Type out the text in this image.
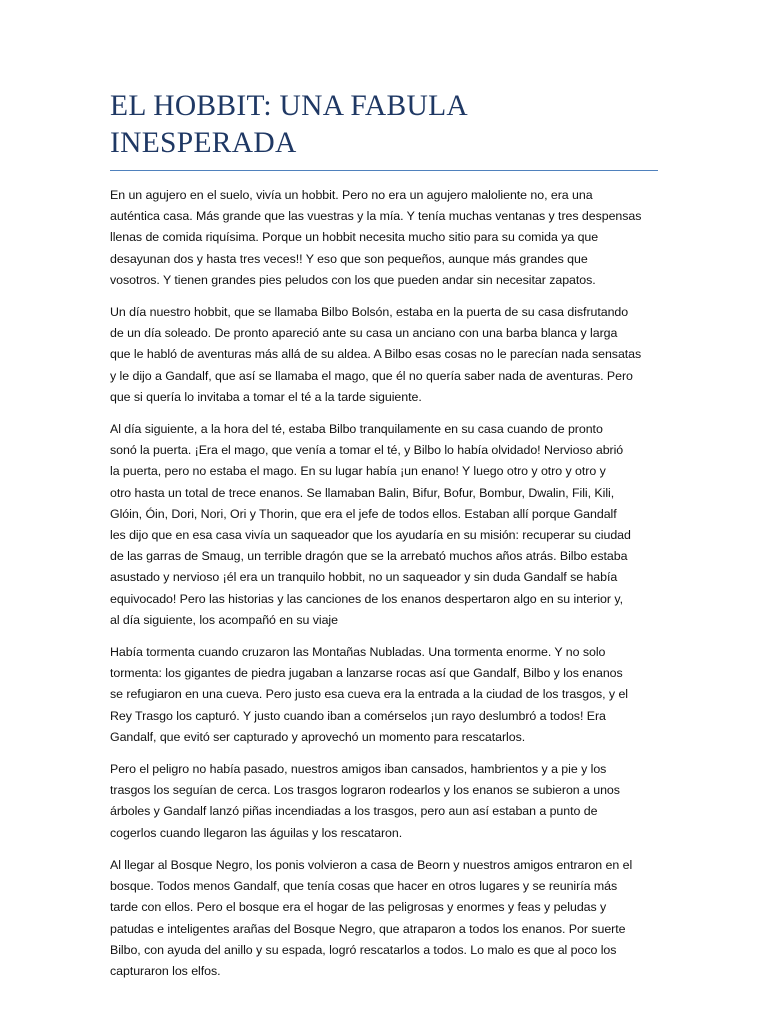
EL HOBBIT: UNA FABULA
INESPERADA

En un agujero en el suelo, vivía un hobbit. Pero no era un agujero maloliente no, era una
auténtica casa. Más grande que las vuestras y la mía. Y tenía muchas ventanas y tres despensas
llenas de comida riquísima. Porque un hobbit necesita mucho sitio para su comida ya que
desayunan dos y hasta tres veces!! Y eso que son pequeños, aunque más grandes que
vosotros. Y tienen grandes pies peludos con los que pueden andar sin necesitar zapatos.

Un día nuestro hobbit, que se llamaba Bilbo Bolsón, estaba en la puerta de su casa disfrutando
de un día soleado. De pronto apareció ante su casa un anciano con una barba blanca y larga
que le habló de aventuras más allá de su aldea. A Bilbo esas cosas no le parecían nada sensatas
y le dijo a Gandalf, que así se llamaba el mago, que él no quería saber nada de aventuras. Pero
que si quería lo invitaba a tomar el té a la tarde siguiente.

Al día siguiente, a la hora del té, estaba Bilbo tranquilamente en su casa cuando de pronto
sonó la puerta. ¡Era el mago, que venía a tomar el té, y Bilbo lo había olvidado! Nervioso abrió
la puerta, pero no estaba el mago. En su lugar había ¡un enano! Y luego otro y otro y otro y
otro hasta un total de trece enanos. Se llamaban Balin, Bifur, Bofur, Bombur, Dwalin, Fili, Kili,
Glóin, Óin, Dori, Nori, Ori y Thorin, que era el jefe de todos ellos. Estaban allí porque Gandalf
les dijo que en esa casa vivía un saqueador que los ayudaría en su misión: recuperar su ciudad
de las garras de Smaug, un terrible dragón que se la arrebató muchos años atrás. Bilbo estaba
asustado y nervioso ¡él era un tranquilo hobbit, no un saqueador y sin duda Gandalf se había
equivocado! Pero las historias y las canciones de los enanos despertaron algo en su interior y,
al día siguiente, los acompañó en su viaje

Había tormenta cuando cruzaron las Montañas Nubladas. Una tormenta enorme. Y no solo
tormenta: los gigantes de piedra jugaban a lanzarse rocas así que Gandalf, Bilbo y los enanos
se refugiaron en una cueva. Pero justo esa cueva era la entrada a la ciudad de los trasgos, y el
Rey Trasgo los capturó. Y justo cuando iban a comérselos ¡un rayo deslumbró a todos! Era
Gandalf, que evitó ser capturado y aprovechó un momento para rescatarlos.

Pero el peligro no había pasado, nuestros amigos iban cansados, hambrientos y a pie y los
trasgos los seguían de cerca. Los trasgos lograron rodearlos y los enanos se subieron a unos
árboles y Gandalf lanzó piñas incendiadas a los trasgos, pero aun así estaban a punto de
cogerlos cuando llegaron las águilas y los rescataron.

Al llegar al Bosque Negro, los ponis volvieron a casa de Beorn y nuestros amigos entraron en el
bosque. Todos menos Gandalf, que tenía cosas que hacer en otros lugares y se reuniría más
tarde con ellos. Pero el bosque era el hogar de las peligrosas y enormes y feas y peludas y
patudas e inteligentes arañas del Bosque Negro, que atraparon a todos los enanos. Por suerte
Bilbo, con ayuda del anillo y su espada, logró rescatarlos a todos. Lo malo es que al poco los
capturaron los elfos.
